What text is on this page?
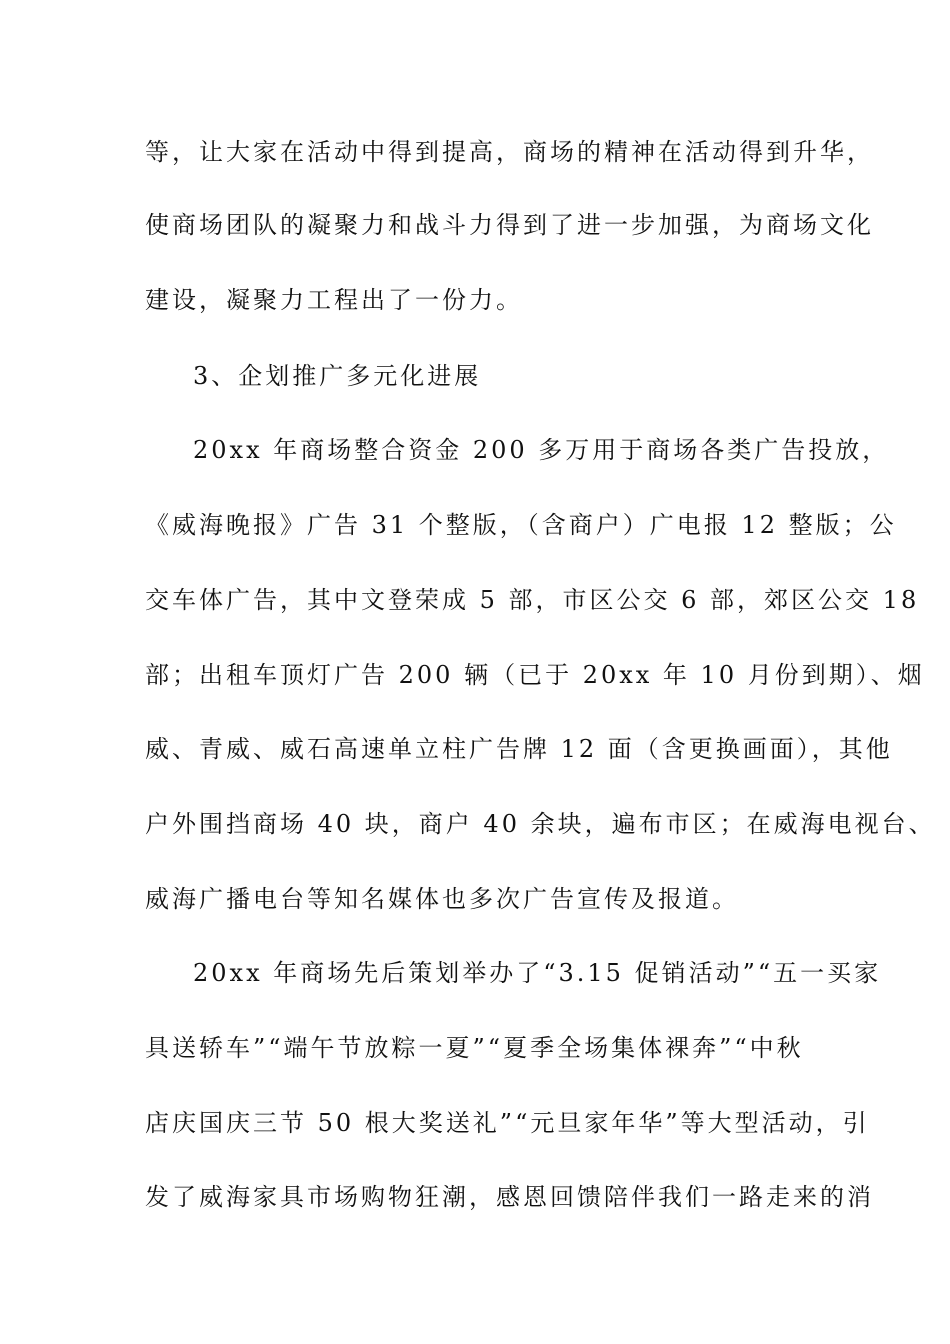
等，让大家在活动中得到提高，商场的精神在活动得到升华，
使商场团队的凝聚力和战斗力得到了进一步加强，为商场文化
建设，凝聚力工程出了一份力。
3、企划推广多元化进展
20xx 年商场整合资金 200 多万用于商场各类广告投放，
《威海晚报》广告 31 个整版，（含商户）广电报 12 整版；公
交车体广告，其中文登荣成 5 部，市区公交 6 部，郊区公交 18
部；出租车顶灯广告 200 辆（已于 20xx 年 10 月份到期）、烟
威、青威、威石高速单立柱广告牌 12 面（含更换画面），其他
户外围挡商场 40 块，商户 40 余块，遍布市区；在威海电视台、
威海广播电台等知名媒体也多次广告宣传及报道。
20xx 年商场先后策划举办了“3.15 促销活动”“五一买家
具送轿车”“端午节放粽一夏”“夏季全场集体裸奔”“中秋
店庆国庆三节 50 根大奖送礼”“元旦家年华”等大型活动，引
发了威海家具市场购物狂潮，感恩回馈陪伴我们一路走来的消
